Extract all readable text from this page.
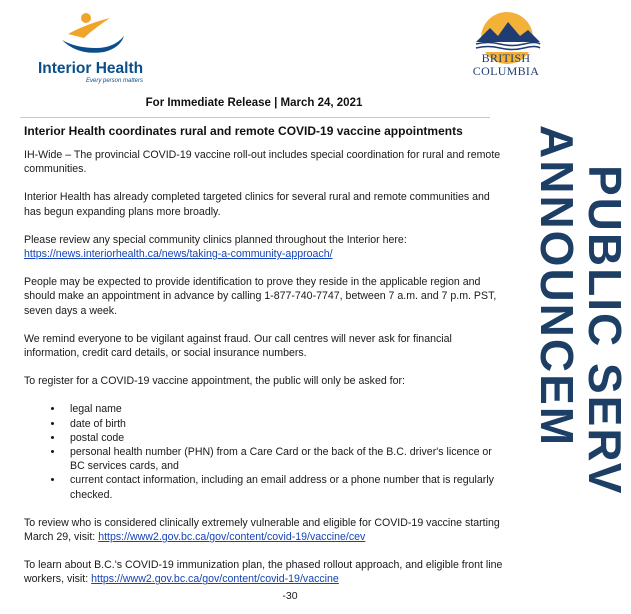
Interior Health
Every person matters
BRITISH
COLUMBIA
For Immediate Release | March 24, 2021
Interior Health coordinates rural and remote COVID-19 vaccine appointments

IH-Wide – The provincial COVID-19 vaccine roll-out includes special coordination for rural and remote communities.

Interior Health has already completed targeted clinics for several rural and remote communities and has begun expanding plans more broadly.

Please review any special community clinics planned throughout the Interior here:
https://news.interiorhealth.ca/news/taking-a-community-approach/

People may be expected to provide identification to prove they reside in the applicable region and should make an appointment in advance by calling 1-877-740-7747, between 7 a.m. and 7 p.m. PST, seven days a week.

We remind everyone to be vigilant against fraud. Our call centres will never ask for financial information, credit card details, or social insurance numbers.

To register for a COVID-19 vaccine appointment, the public will only be asked for:

• legal name
• date of birth
• postal code
• personal health number (PHN) from a Care Card or the back of the B.C. driver's licence or BC services cards, and
• current contact information, including an email address or a phone number that is regularly checked.

To review who is considered clinically extremely vulnerable and eligible for COVID-19 vaccine starting March 29, visit: https://www2.gov.bc.ca/gov/content/covid-19/vaccine/cev

To learn about B.C.'s COVID-19 immunization plan, the phased rollout approach, and eligible front line workers, visit: https://www2.gov.bc.ca/gov/content/covid-19/vaccine

-30
PUBLIC SERV
ANNOUNCEM
